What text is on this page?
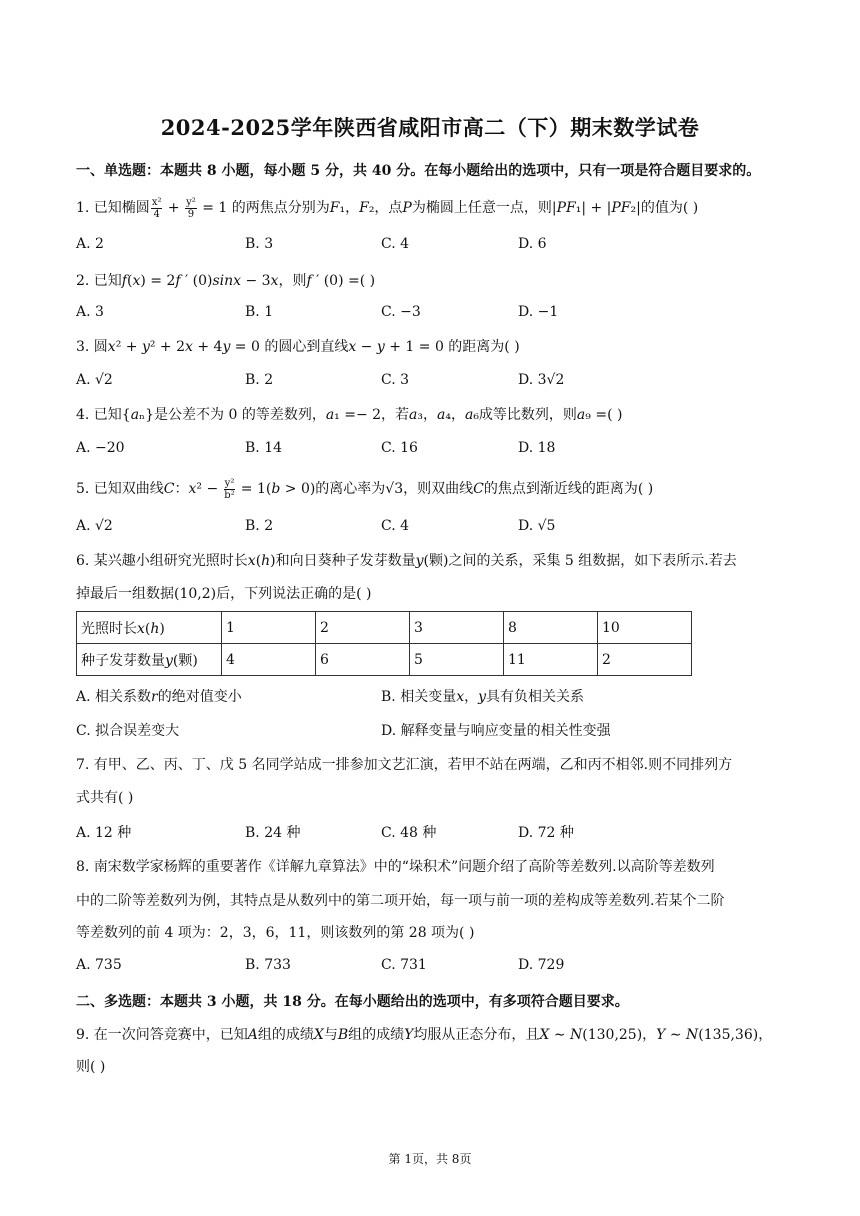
2024-2025学年陕西省咸阳市高二（下）期末数学试卷
一、单选题：本题共 8 小题，每小题 5 分，共 40 分。在每小题给出的选项中，只有一项是符合题目要求的。
1. 已知椭圆 $\frac{\text{x²}}{4} + \frac{\text{y²}}{9} = 1$ 的两焦点分别为𝐹₁，𝐹₂，点𝑃为椭圆上任意一点，则|𝑃𝐹₁| + |𝑃𝐹₂|的值为( )
A. 2	B. 3	C. 4	D. 6
2. 已知𝑓(𝑥) = 2𝑓 ′ (0)𝑠𝑖𝑛𝑥 − 3𝑥，则𝑓 ′ (0) =( )
A. 3	B. 1	C. −3	D. −1
3. 圆𝑥² + 𝑦² + 2𝑥 + 4𝑦 = 0 的圆心到直线𝑥 − 𝑦 + 1 = 0 的距离为( )
A. √2	B. 2	C. 3	D. 3√2
4. 已知{𝑎ₙ}是公差不为 0 的等差数列，𝑎₁ =− 2，若𝑎₃，𝑎₄，𝑎₆成等比数列，则𝑎₉ =( )
A. −20	B. 14	C. 16	D. 18
5. 已知双曲线𝐶：𝑥² − $\frac{\text{y²}}{\text{b²}}$ = 1(𝑏 > 0)的离心率为√3，则双曲线𝐶的焦点到渐近线的距离为( )
A. √2	B. 2	C. 4	D. √5
6. 某兴趣小组研究光照时长𝑥(ℎ)和向日葵种子发芽数量𝑦(颗)之间的关系，采集 5 组数据，如下表所示.若去
掉最后一组数据(10,2)后，下列说法正确的是( )
光照时长𝑥(ℎ)	1	2	3	8	10
种子发芽数量𝑦(颗)	4	6	5	11	2
A. 相关系数𝑟的绝对值变小	B. 相关变量𝑥，𝑦具有负相关关系
C. 拟合误差变大	D. 解释变量与响应变量的相关性变强
7. 有甲、乙、丙、丁、戊 5 名同学站成一排参加文艺汇演，若甲不站在两端，乙和丙不相邻.则不同排列方
式共有( )
A. 12 种	B. 24 种	C. 48 种	D. 72 种
8. 南宋数学家杨辉的重要著作《详解九章算法》中的“垛积术”问题介绍了高阶等差数列.以高阶等差数列
中的二阶等差数列为例，其特点是从数列中的第二项开始，每一项与前一项的差构成等差数列.若某个二阶
等差数列的前 4 项为：2，3，6，11，则该数列的第 28 项为( )
A. 735	B. 733	C. 731	D. 729
二、多选题：本题共 3 小题，共 18 分。在每小题给出的选项中，有多项符合题目要求。
9. 在一次问答竞赛中，已知𝐴组的成绩𝑋与𝐵组的成绩𝑌均服从正态分布，且𝑋 ∼ 𝑁(130,25)，𝑌 ∼ 𝑁(135,36)，
则( )
第 1页，共 8页
